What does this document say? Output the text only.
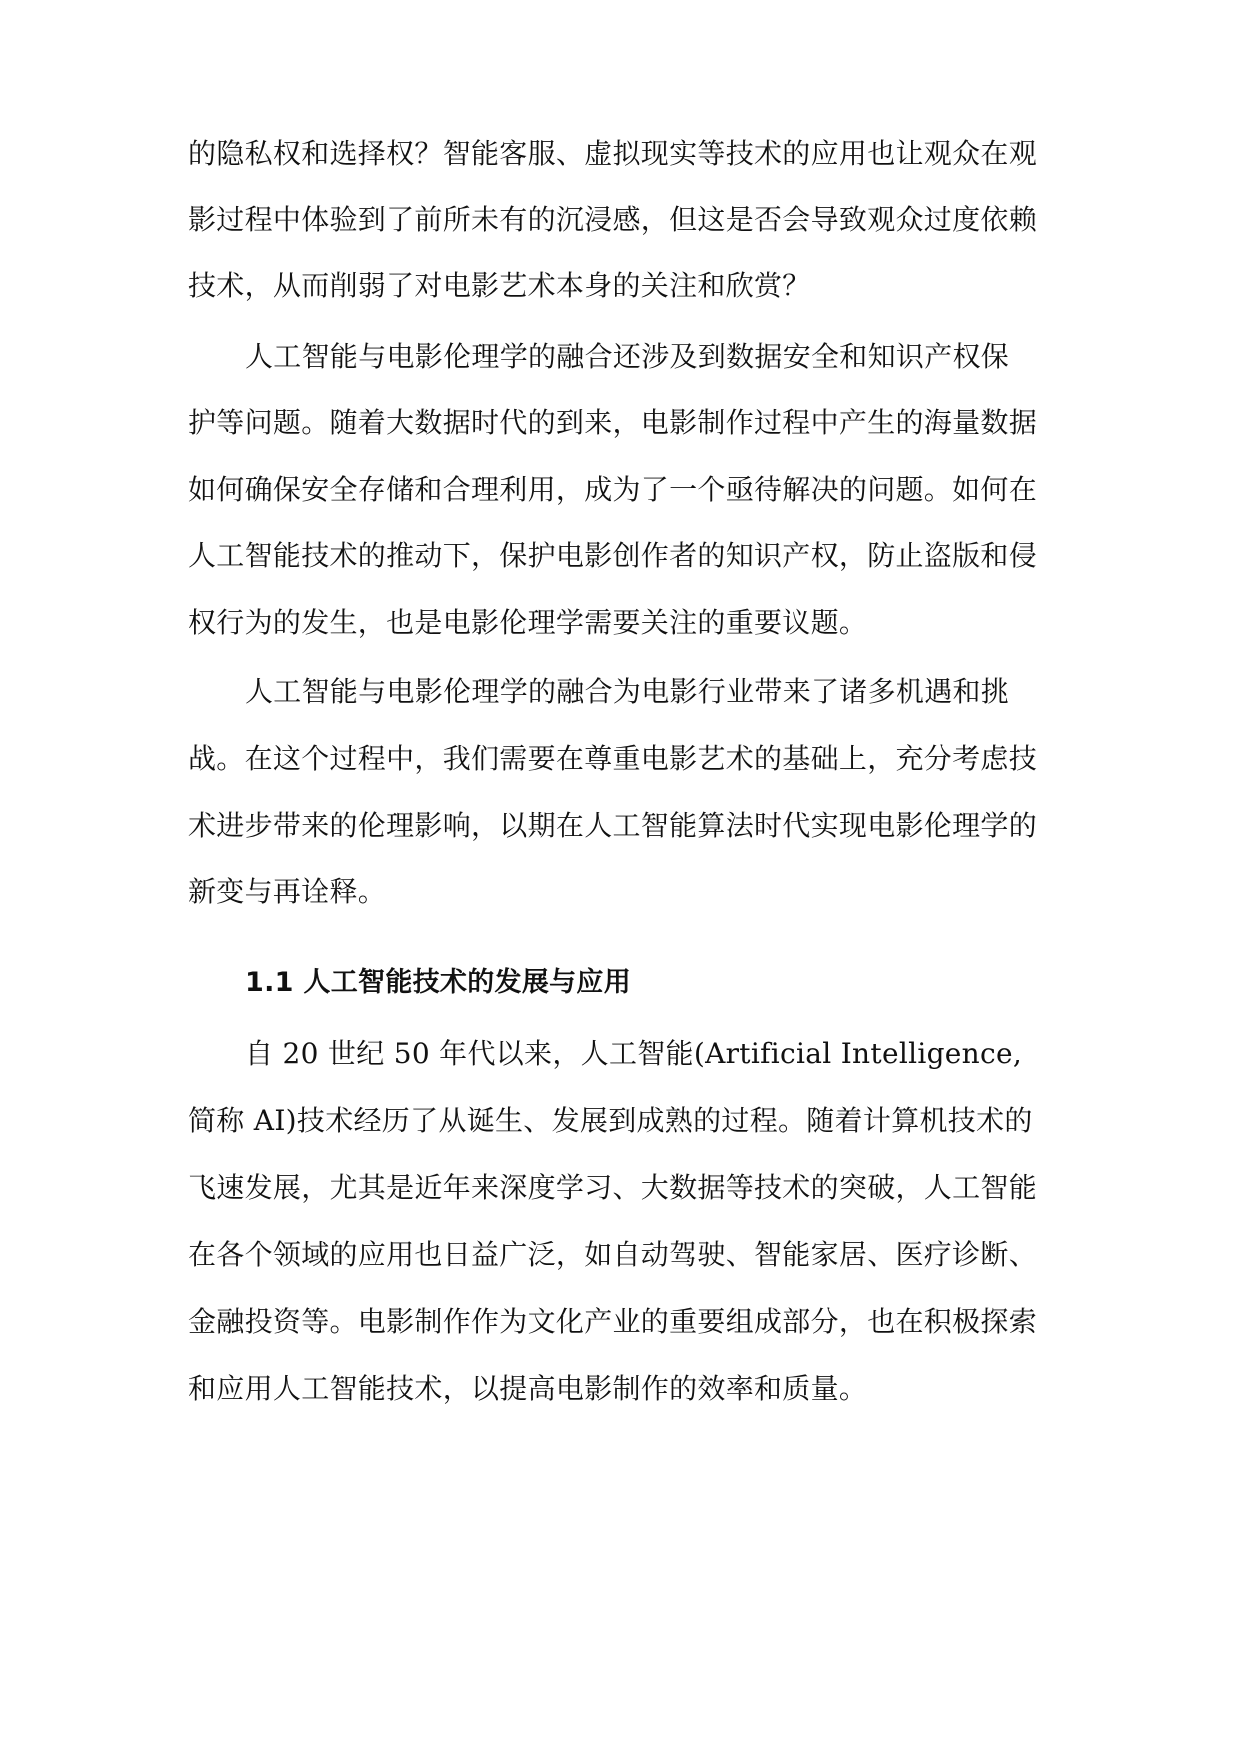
的隐私权和选择权？智能客服、虚拟现实等技术的应用也让观众在观
影过程中体验到了前所未有的沉浸感，但这是否会导致观众过度依赖
技术，从而削弱了对电影艺术本身的关注和欣赏？
人工智能与电影伦理学的融合还涉及到数据安全和知识产权保
护等问题。随着大数据时代的到来，电影制作过程中产生的海量数据
如何确保安全存储和合理利用，成为了一个亟待解决的问题。如何在
人工智能技术的推动下，保护电影创作者的知识产权，防止盗版和侵
权行为的发生，也是电影伦理学需要关注的重要议题。
人工智能与电影伦理学的融合为电影行业带来了诸多机遇和挑
战。在这个过程中，我们需要在尊重电影艺术的基础上，充分考虑技
术进步带来的伦理影响，以期在人工智能算法时代实现电影伦理学的
新变与再诠释。
1.1 人工智能技术的发展与应用
自 20 世纪 50 年代以来，人工智能(Artificial Intelligence,
简称 AI)技术经历了从诞生、发展到成熟的过程。随着计算机技术的
飞速发展，尤其是近年来深度学习、大数据等技术的突破，人工智能
在各个领域的应用也日益广泛，如自动驾驶、智能家居、医疗诊断、
金融投资等。电影制作作为文化产业的重要组成部分，也在积极探索
和应用人工智能技术，以提高电影制作的效率和质量。
